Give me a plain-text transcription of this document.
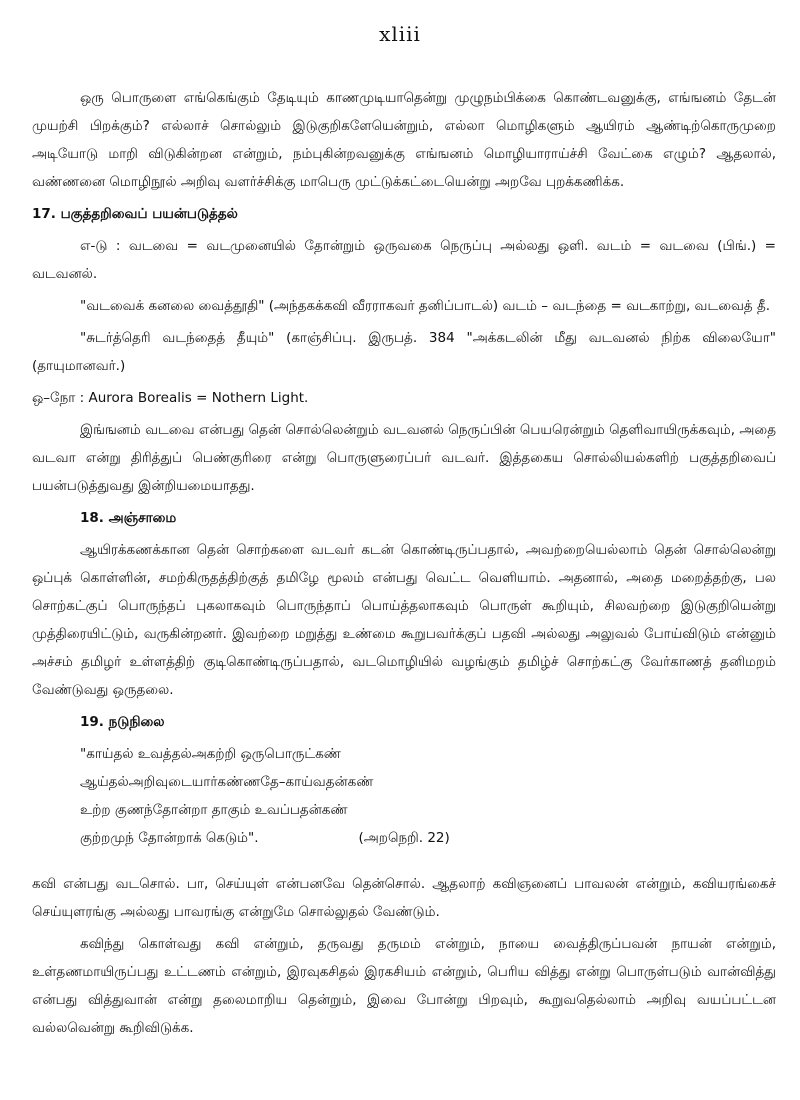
xliii

ஒரு பொருளை எங்கெங்கும் தேடியும் காணமுடியாதென்று முழுநம்பிக்கை கொண்டவனுக்கு, எங்ஙனம் தேடன் முயற்சி பிறக்கும்? எல்லாச் சொல்லும் இடுகுறிகளேயென்றும், எல்லா மொழிகளும் ஆயிரம் ஆண்டிற்கொருமுறை அடியோடு மாறி விடுகின்றன என்றும், நம்புகின்றவனுக்கு எங்ஙனம் மொழியாராய்ச்சி வேட்கை எழும்? ஆதலால், வண்ணனை மொழிநூல் அறிவு வளர்ச்சிக்கு மாபெரு முட்டுக்கட்டையென்று அறவே புறக்கணிக்க.

17. பகுத்தறிவைப் பயன்படுத்தல்

எ-டு : வடவை = வடமுனையில் தோன்றும் ஒருவகை நெருப்பு அல்லது ஒளி. வடம் = வடவை (பிங்.) = வடவனல்.

"வடவைக் கனலை வைத்தூதி" (அந்தகக்கவி வீரராகவர் தனிப்பாடல்) வடம் – வடந்தை = வடகாற்று, வடவைத் தீ.

"சுடர்த்தெரி வடந்தைத் தீயும்" (காஞ்சிப்பு. இருபத். 384 "அக்கடலின் மீது வடவனல் நிற்க விலையோ" (தாயுமானவர்.)

ஒ–நோ : Aurora Borealis = Nothern Light.

இங்ஙனம் வடவை என்பது தென் சொல்லென்றும் வடவனல் நெருப்பின் பெயரென்றும் தெளிவாயிருக்கவும், அதை வடவா என்று திரித்துப் பெண்குரிரை என்று பொருளுரைப்பர் வடவர். இத்தகைய சொல்லியல்களிற் பகுத்தறிவைப் பயன்படுத்துவது இன்றியமையாதது.

18. அஞ்சாமை

ஆயிரக்கணக்கான தென் சொற்களை வடவர் கடன் கொண்டிருப்பதால், அவற்றையெல்லாம் தென் சொல்லென்று ஒப்புக் கொள்ளின், சமற்கிருதத்திற்குத் தமிழே மூலம் என்பது வெட்ட வெளியாம். அதனால், அதை மறைத்தற்கு, பல சொற்கட்குப் பொருந்தப் புகலாகவும் பொருந்தாப் பொய்த்தலாகவும் பொருள் கூறியும், சிலவற்றை இடுகுறியென்று முத்திரையிட்டும், வருகின்றனர். இவற்றை மறுத்து உண்மை கூறுபவர்க்குப் பதவி அல்லது அலுவல் போய்விடும் என்னும் அச்சம் தமிழர் உள்ளத்திற் குடிகொண்டிருப்பதால், வடமொழியில் வழங்கும் தமிழ்ச் சொற்கட்கு வேர்காணத் தனிமறம் வேண்டுவது ஒருதலை.

19. நடுநிலை
"காய்தல் உவத்தல்அகற்றி ஒருபொருட்கண்
ஆய்தல்அறிவுடையார்கண்ணதே–காய்வதன்கண்
உற்ற குணந்தோன்றா தாகும் உவப்பதன்கண்
குற்றமுந் தோன்றாக் கெடும்".	(அறநெறி. 22)

கவி என்பது வடசொல். பா, செய்யுள் என்பனவே தென்சொல். ஆதலாற் கவிஞனைப் பாவலன் என்றும், கவியரங்கைச் செய்யுளரங்கு அல்லது பாவரங்கு என்றுமே சொல்லுதல் வேண்டும்.

கவிந்து கொள்வது கவி என்றும், தருவது தருமம் என்றும், நாயை வைத்திருப்பவன் நாயன் என்றும், உள்தணமாயிருப்பது உட்டணம் என்றும், இரவுகசிதல் இரகசியம் என்றும், பெரிய வித்து என்று பொருள்படும் வான்வித்து என்பது வித்துவான் என்று தலைமாறிய தென்றும், இவை போன்று பிறவும், கூறுவதெல்லாம் அறிவு வயப்பட்டன வல்லவென்று கூறிவிடுக்க.
